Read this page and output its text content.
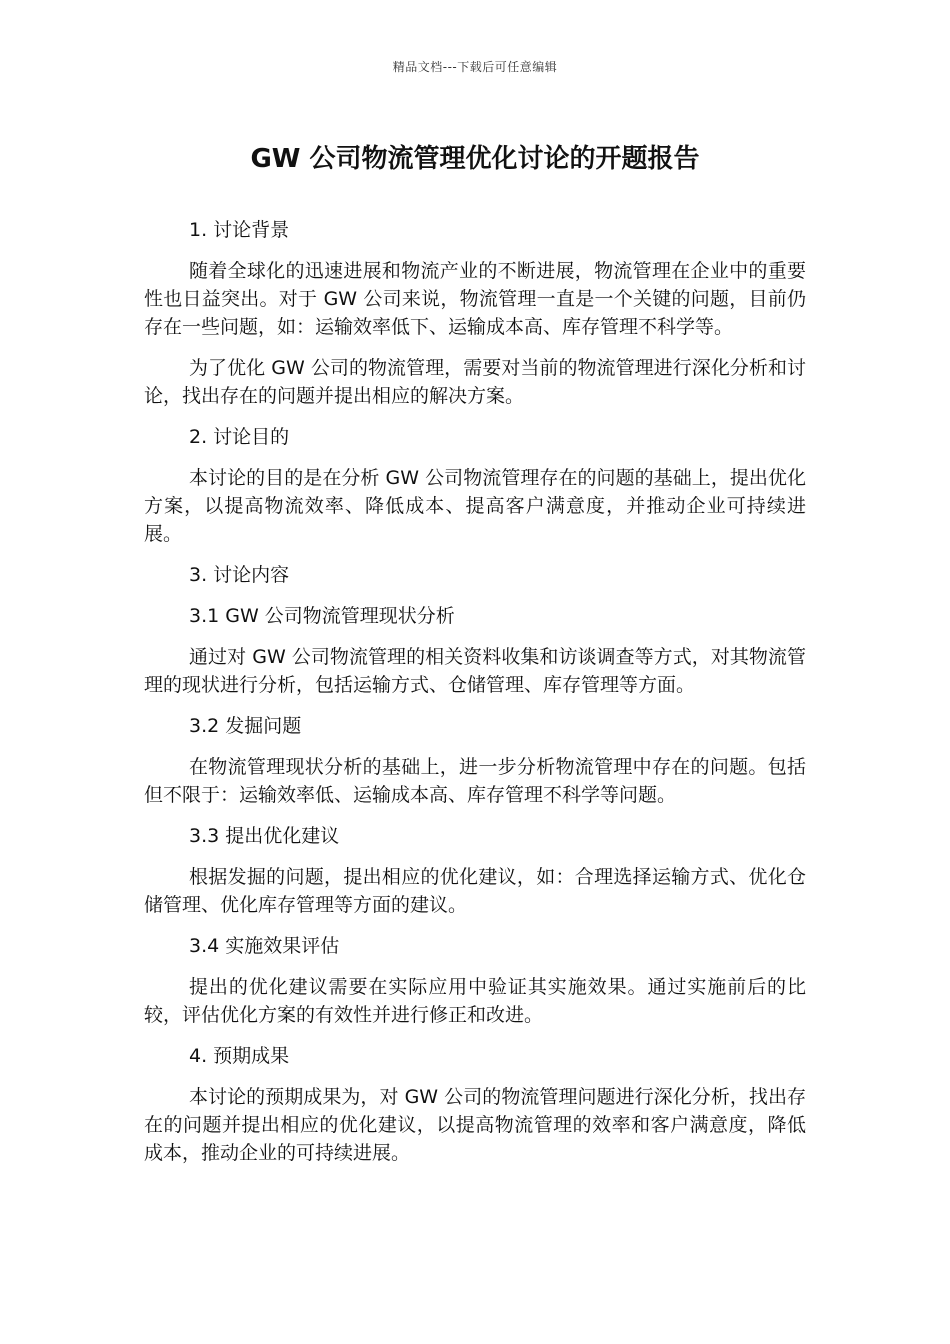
精品文档---下载后可任意编辑
GW 公司物流管理优化讨论的开题报告

1. 讨论背景

随着全球化的迅速进展和物流产业的不断进展，物流管理在企业中的重要性也日益突出。对于 GW 公司来说，物流管理一直是一个关键的问题，目前仍存在一些问题，如：运输效率低下、运输成本高、库存管理不科学等。

为了优化 GW 公司的物流管理，需要对当前的物流管理进行深化分析和讨论，找出存在的问题并提出相应的解决方案。

2. 讨论目的

本讨论的目的是在分析 GW 公司物流管理存在的问题的基础上，提出优化方案，以提高物流效率、降低成本、提高客户满意度，并推动企业可持续进展。

3. 讨论内容

3.1 GW 公司物流管理现状分析

通过对 GW 公司物流管理的相关资料收集和访谈调查等方式，对其物流管理的现状进行分析，包括运输方式、仓储管理、库存管理等方面。

3.2 发掘问题

在物流管理现状分析的基础上，进一步分析物流管理中存在的问题。包括但不限于：运输效率低、运输成本高、库存管理不科学等问题。

3.3 提出优化建议

根据发掘的问题，提出相应的优化建议，如：合理选择运输方式、优化仓储管理、优化库存管理等方面的建议。

3.4 实施效果评估

提出的优化建议需要在实际应用中验证其实施效果。通过实施前后的比较，评估优化方案的有效性并进行修正和改进。

4. 预期成果

本讨论的预期成果为，对 GW 公司的物流管理问题进行深化分析，找出存在的问题并提出相应的优化建议，以提高物流管理的效率和客户满意度，降低成本，推动企业的可持续进展。
